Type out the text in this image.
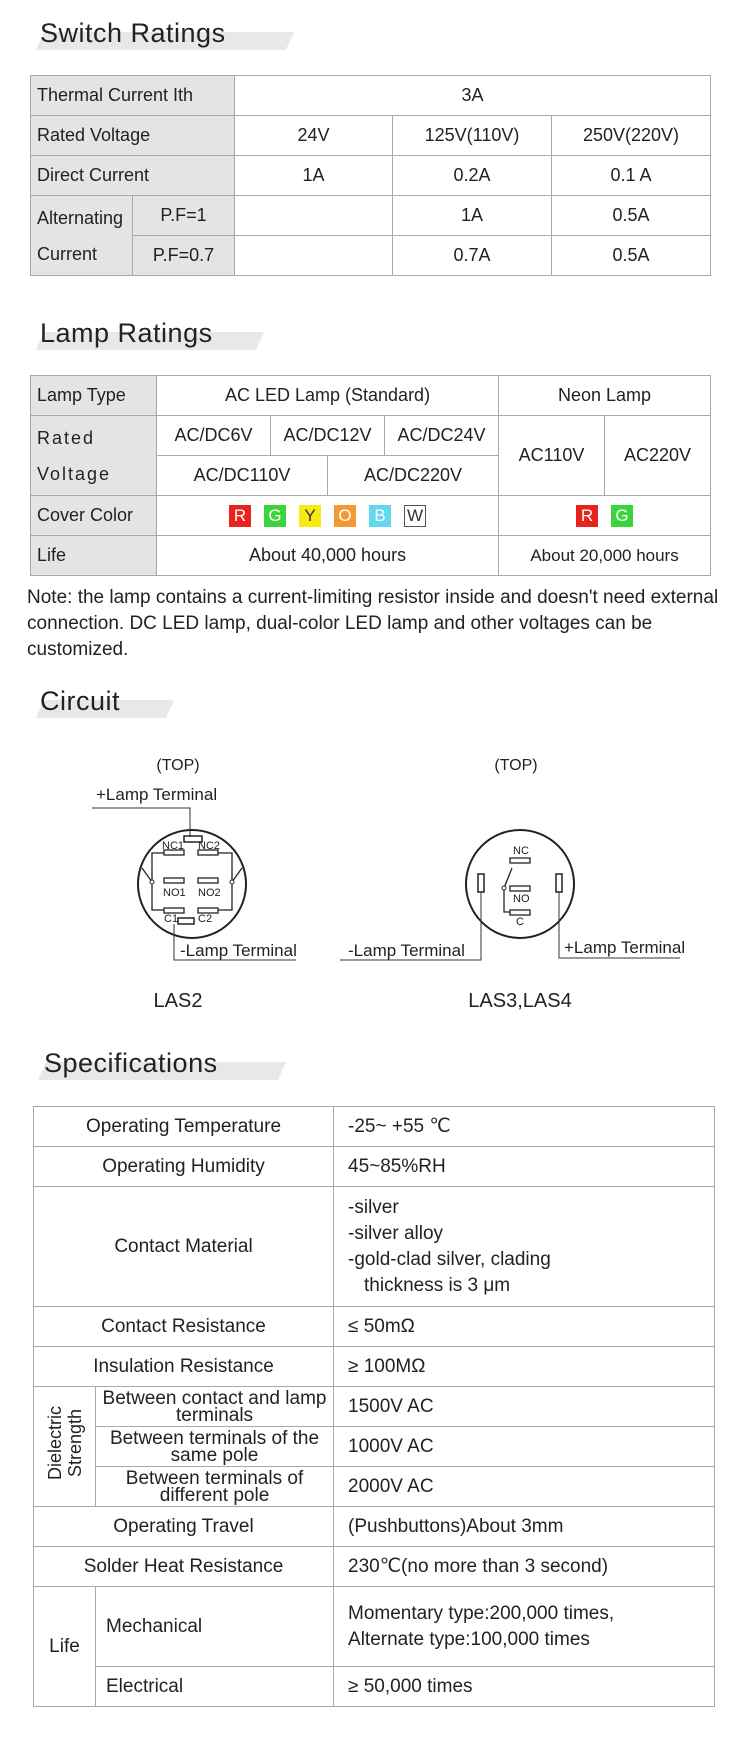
Switch Ratings
Thermal Current Ith		3A		
Rated Voltage		24V	125V(110V)	250V(220V)
Direct Current		1A	0.2A	0.1 A
Alternating
Current	P.F=1		1A	0.5A
	P.F=0.7		0.7A	0.5A
Lamp Ratings
Lamp Type	AC LED Lamp (Standard)				Neon Lamp	
Rated
Voltage	AC/DC6V	AC/DC12V		AC/DC24V	AC110V	AC220V
	AC/DC110V		AC/DC220V			
Cover Color	R G Y O B W				R G	
Life	About 40,000 hours				About 20,000 hours	
Note: the lamp contains a current-limiting resistor inside and doesn't need external connection. DC LED lamp, dual-color LED lamp and other voltages can be customized.
Circuit
(TOP)
+Lamp Terminal
NC1 NC2
NO1 NO2
C1 C2
-Lamp Terminal
LAS2
(TOP)
NC
NO
C
-Lamp Terminal	+Lamp Terminal
LAS3,LAS4
Specifications
Operating Temperature		-25~ +55 ℃
Operating Humidity		45~85%RH
Contact Material		-silver
-silver alloy
-gold-clad silver, clading
thickness is 3 μm

Contact Resistance		≤ 50mΩ
Insulation Resistance		≥ 100MΩ
Dielectric
Strength	Between contact and lamp terminals	1500V AC
	Between terminals of the same pole	1000V AC
	Between terminals of different pole	2000V AC
Operating Travel		(Pushbuttons)About 3mm
Solder Heat Resistance		230℃(no more than 3 second)
Life	Mechanical	Momentary type:200,000 times,
Alternate type:100,000 times

	Electrical	≥ 50,000 times
